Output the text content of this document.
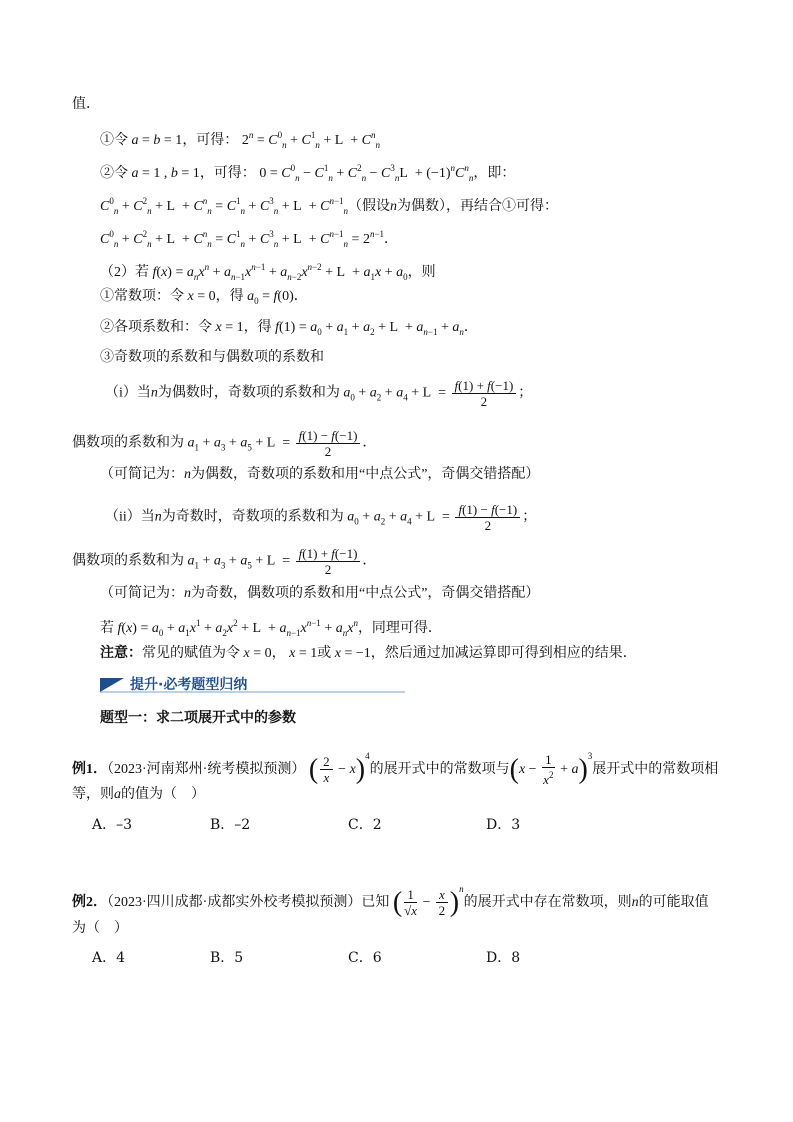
值．
①令 a = b = 1，可得： $2^n = C^0_n + C^1_n + L + C^n_n$
②令 a = 1 , b = 1，可得： $0 = C^0_n - C^1_n + C^2_n - C^3_nL + (-1)^nC^n_n$，即：
$C^0_n + C^2_n + L + C^n_n = C^1_n + C^3_n + L + C^{n-1}_n$（假设n为偶数），再结合①可得：
$C^0_n + C^2_n + L + C^n_n = C^1_n + C^3_n + L + C^{n-1}_n = 2^{n-1}$．
（2）若 $f(x) = a_nx^n + a_{n-1}x^{n-1} + a_{n-2}x^{n-2} + L + a_1x + a_0$，则
①常数项：令 x = 0，得 $a_0 = f(0)$．
②各项系数和：令 x = 1，得 $f(1) = a_0 + a_1 + a_2 + L + a_{n-1} + a_n$．
③奇数项的系数和与偶数项的系数和
（i）当n为偶数时，奇数项的系数和为 $a_0 + a_2 + a_4 + L = \frac{f(1) + f(-1)}{2}$ ；
偶数项的系数和为 $a_1 + a_3 + a_5 + L = \frac{f(1) - f(-1)}{2}$ ．
（可简记为：n为偶数，奇数项的系数和用“中点公式”，奇偶交错搭配）
（ii）当n为奇数时，奇数项的系数和为 $a_0 + a_2 + a_4 + L = \frac{f(1) - f(-1)}{2}$ ；
偶数项的系数和为 $a_1 + a_3 + a_5 + L = \frac{f(1) + f(-1)}{2}$ ．
（可简记为：n为奇数，偶数项的系数和用“中点公式”，奇偶交错搭配）
若 $f(x) = a_0 + a_1x^1 + a_2x^2 + L + a_{n-1}x^{n-1} + a_nx^n$，同理可得．
注意：常见的赋值为令 x = 0， x = 1或 x = −1，然后通过加减运算即可得到相应的结果．
提升·必考题型归纳
题型一：求二项展开式中的参数
例1．（2023·河南郑州·统考模拟预测） ( $\frac{2}{x} - x)^4$的展开式中的常数项与$(x - \frac{1}{x^2} + a)^3$展开式中的常数项相
等，则a的值为（　）
A．–3	B．–2	C．2	D．3
例2．（2023·四川成都·成都实外校考模拟预测）已知 ( $\frac{1}{√x} - \frac{x}{2} )^n$的展开式中存在常数项，则n的可能取值
为（　）
A．4	B．5	C．6	D．8
